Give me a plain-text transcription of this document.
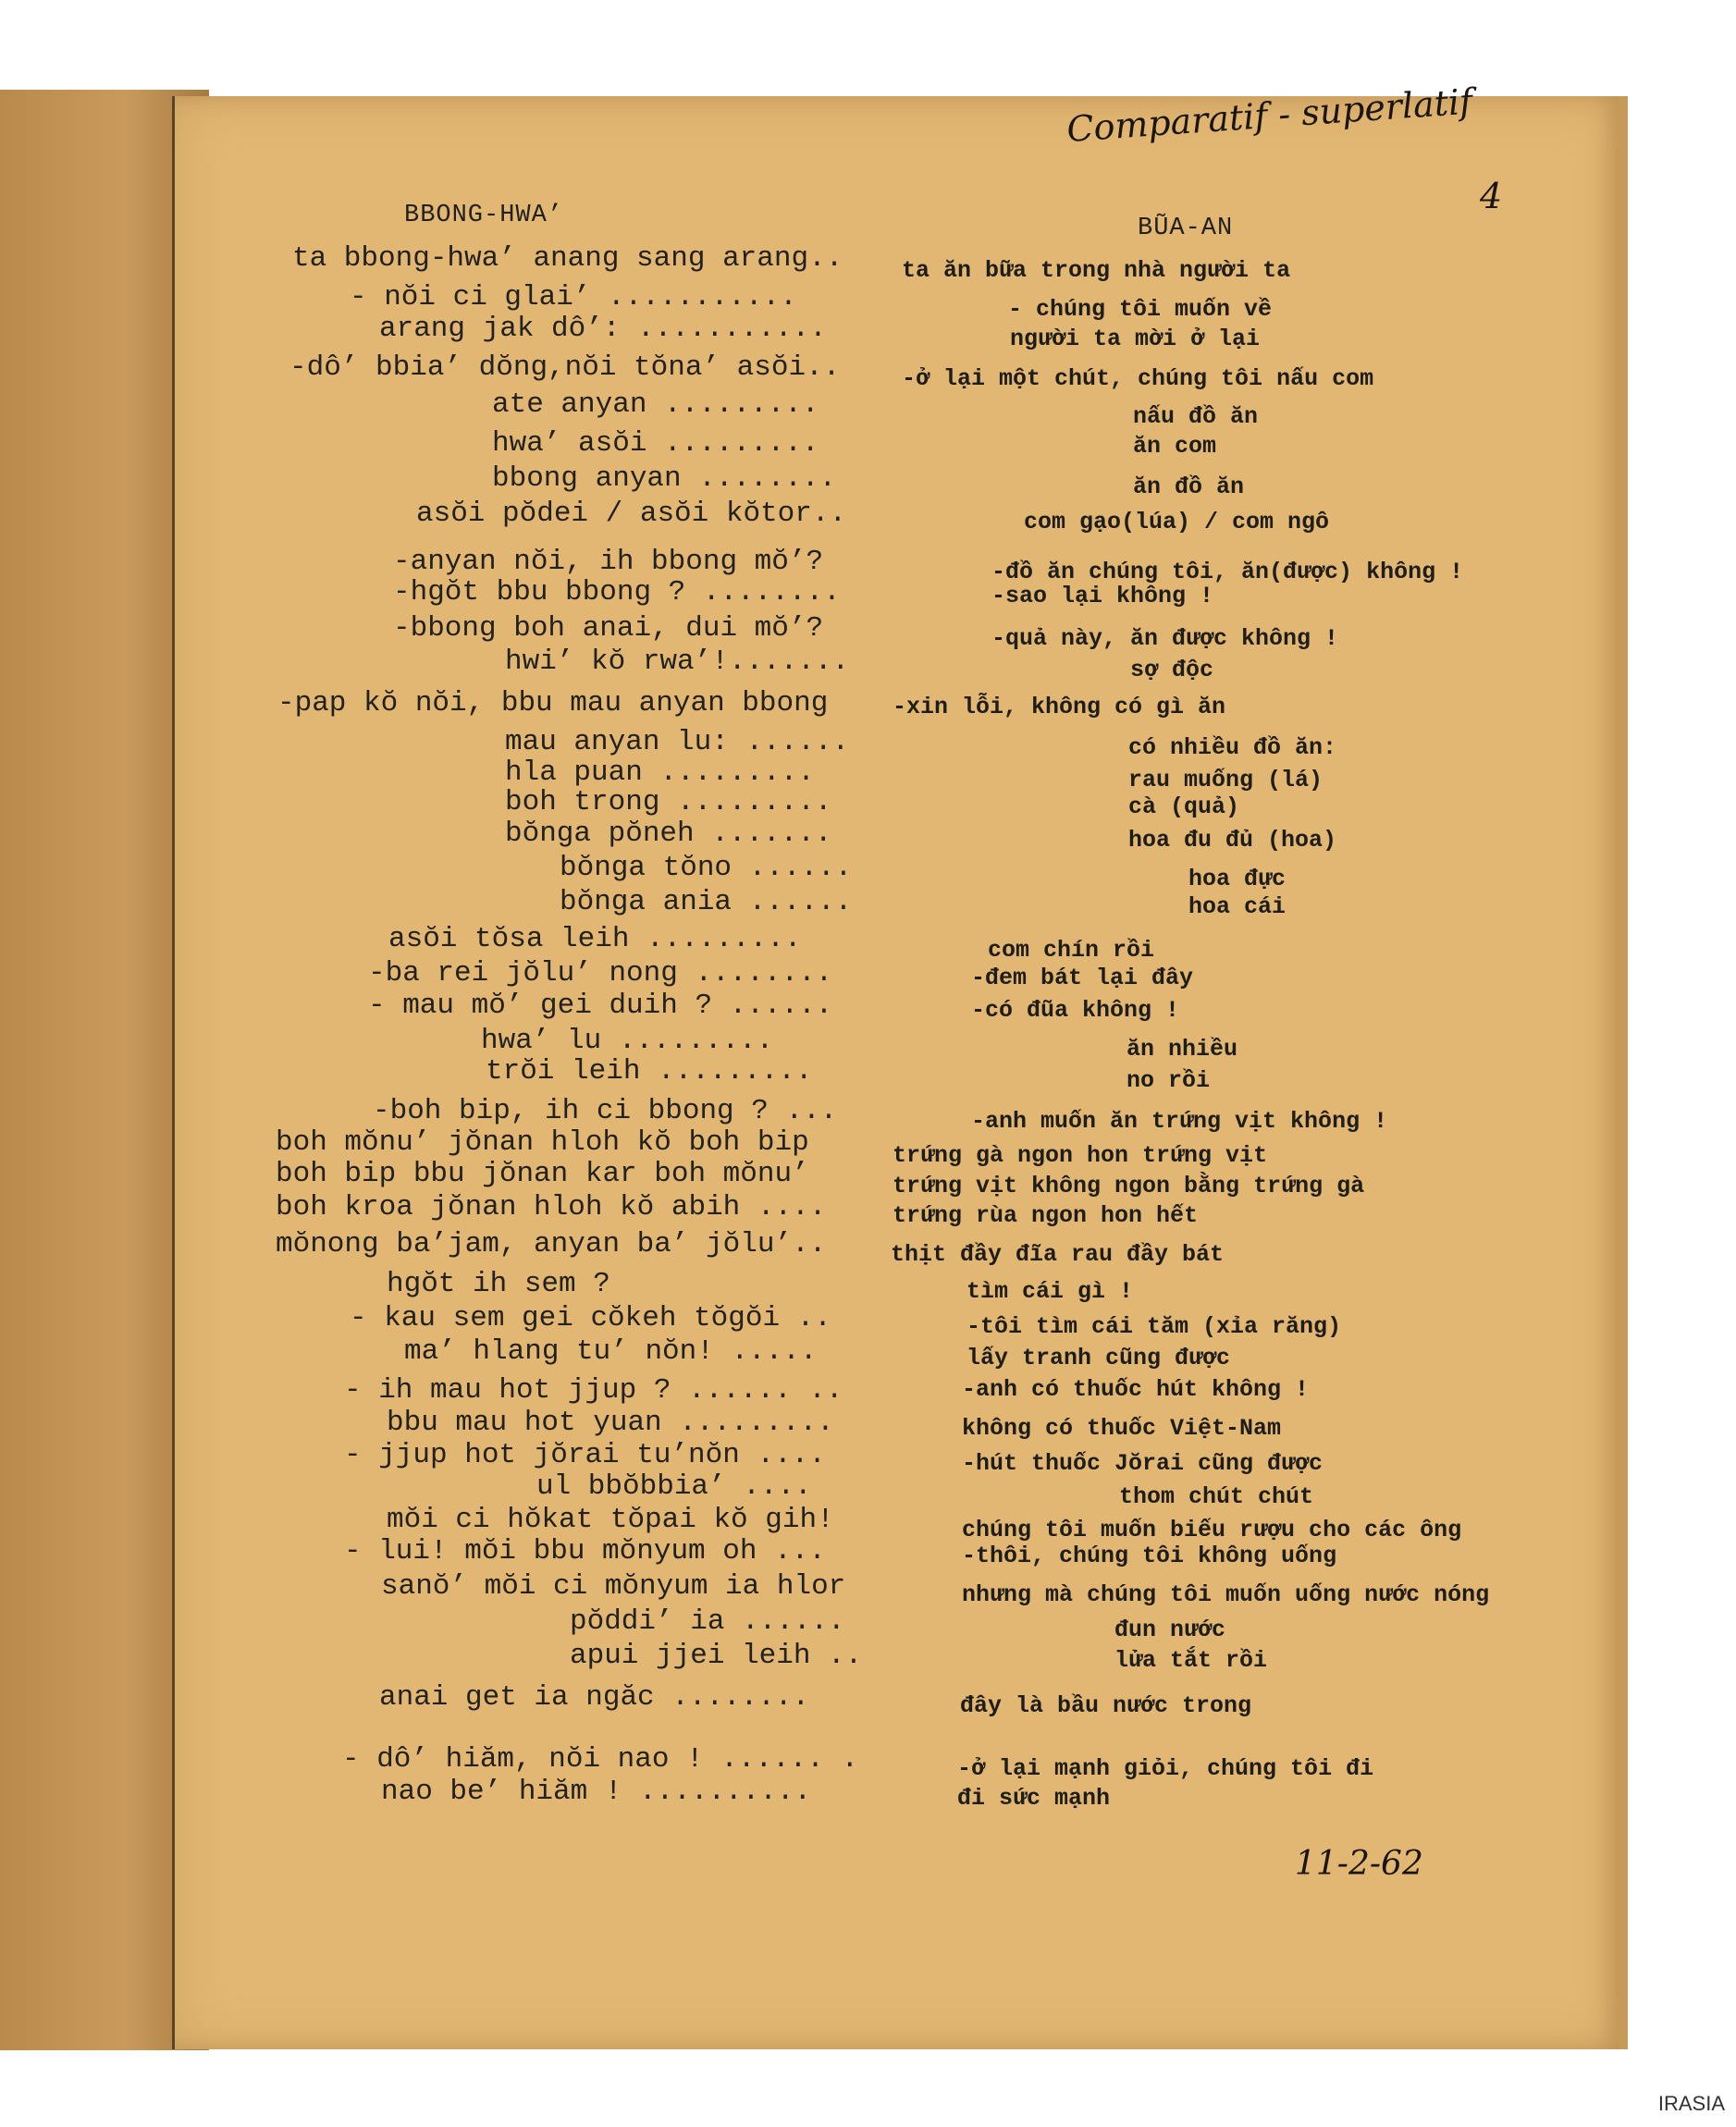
Comparatif - superlatif
4
BBONG-HWA’	BŨA-AN
ta bbong-hwa’ anang sang arang..
- nŏi ci glai’ ...........
arang jak dô’: ...........
-dô’ bbia’ dŏng,nŏi tŏna’ asŏi..
ate anyan .........
hwa’ asŏi .........
bbong anyan ........
asŏi pŏdei / asŏi kŏtor..
-anyan nŏi, ih bbong mŏ’?
-hgŏt bbu bbong ? ........
-bbong boh anai, dui mŏ’?
hwi’ kŏ rwa’!.......
-pap kŏ nŏi, bbu mau anyan bbong
mau anyan lu: ......
hla puan .........
boh trong .........
bŏnga pŏneh .......
bŏnga tŏno ......
bŏnga ania ......
asŏi tŏsa leih .........
-ba rei jŏlu’ nong ........
- mau mŏ’ gei duih ? ......
hwa’ lu .........
trŏi leih .........
-boh bip, ih ci bbong ? ...
boh mŏnu’ jŏnan hloh kŏ boh bip
boh bip bbu jŏnan kar boh mŏnu’
boh kroa jŏnan hloh kŏ abih ....
mŏnong ba’jam, anyan ba’ jŏlu’..
hgŏt ih sem ?
- kau sem gei cŏkeh tŏgŏi ..
ma’ hlang tu’ nŏn! .....
- ih mau hot jjup ? ...... ..
bbu mau hot yuan .........
- jjup hot jŏrai tu’nŏn ....
ul bbŏbbia’ ....
mŏi ci hŏkat tŏpai kŏ gih!
- lui! mŏi bbu mŏnyum oh ...
sanŏ’ mŏi ci mŏnyum ia hlor
pŏddi’ ia ......
apui jjei leih ..
anai get ia ngăc ........
- dô’ hiăm, nŏi nao ! ...... .
nao be’ hiăm ! ..........
ta ăn bữa trong nhà người ta
- chúng tôi muốn về
người ta mời ở lại
-ở lại một chút, chúng tôi nấu com
nấu đồ ăn
ăn com
ăn đồ ăn
com gạo(lúa) / com ngô
-đồ ăn chúng tôi, ăn(được) không !
-sao lại không !
-quả này, ăn được không !
sợ độc
-xin lỗi, không có gì ăn
có nhiều đồ ăn:
rau muống (lá)
cà (quả)
hoa đu đủ (hoa)
hoa đực
hoa cái
com chín rồi
-đem bát lại đây
-có đũa không !
ăn nhiều
no rồi
-anh muốn ăn trứng vịt không !
trứng gà ngon hon trứng vịt
trứng vịt không ngon bằng trứng gà
trứng rùa ngon hon hết
thịt đầy đĩa rau đầy bát
tìm cái gì !
-tôi tìm cái tăm (xỉa răng)
lấy tranh cũng được
-anh có thuốc hút không !
không có thuốc Việt-Nam
-hút thuốc Jŏrai cũng được
thom chút chút
chúng tôi muốn biếu rượu cho các ông
-thôi, chúng tôi không uống
nhưng mà chúng tôi muốn uống nước nóng
đun nước
lửa tắt rồi
đây là bầu nước trong
-ở lại mạnh giỏi, chúng tôi đi
đi sức mạnh
11-2-62
IRASIA
